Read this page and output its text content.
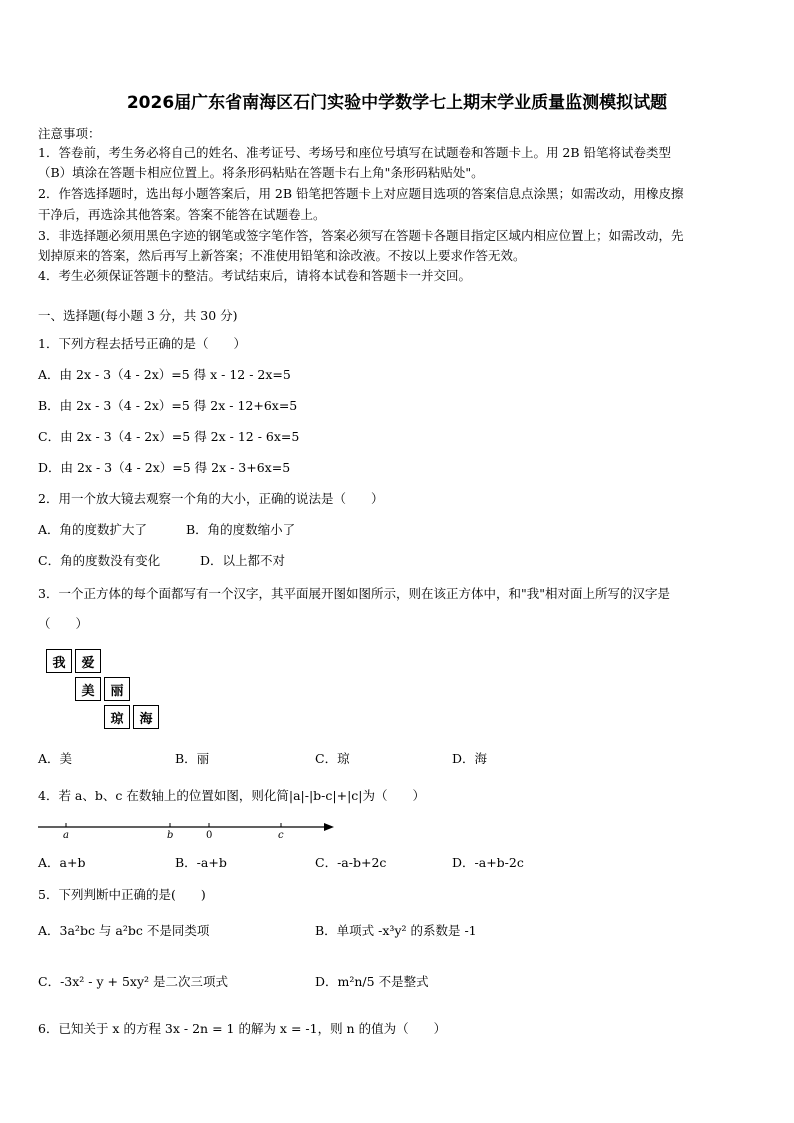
2026届广东省南海区石门实验中学数学七上期末学业质量监测模拟试题
注意事项：
1．答卷前，考生务必将自己的姓名、准考证号、考场号和座位号填写在试题卷和答题卡上。用 2B 铅笔将试卷类型
（B）填涂在答题卡相应位置上。将条形码粘贴在答题卡右上角"条形码粘贴处"。
2．作答选择题时，选出每小题答案后，用 2B 铅笔把答题卡上对应题目选项的答案信息点涂黑；如需改动，用橡皮擦
干净后，再选涂其他答案。答案不能答在试题卷上。
3．非选择题必须用黑色字迹的钢笔或签字笔作答，答案必须写在答题卡各题目指定区域内相应位置上；如需改动，先
划掉原来的答案，然后再写上新答案；不准使用铅笔和涂改液。不按以上要求作答无效。
4．考生必须保证答题卡的整洁。考试结束后，请将本试卷和答题卡一并交回。
一、选择题(每小题 3 分，共 30 分)
1．下列方程去括号正确的是（　　）
A．由 2x - 3（4 - 2x）=5 得 x - 12 - 2x=5
B．由 2x - 3（4 - 2x）=5 得 2x - 12+6x=5
C．由 2x - 3（4 - 2x）=5 得 2x - 12 - 6x=5
D．由 2x - 3（4 - 2x）=5 得 2x - 3+6x=5
2．用一个放大镜去观察一个角的大小，正确的说法是（　　）
A．角的度数扩大了	B．角的度数缩小了
C．角的度数没有变化	D．以上都不对
3．一个正方体的每个面都写有一个汉字，其平面展开图如图所示，则在该正方体中，和"我"相对面上所写的汉字是
（　　）
我	爱
美	丽
琼	海
A．美	B．丽	C．琼	D．海
4．若 a、b、c 在数轴上的位置如图，则化简|a|-|b-c|+|c|为（　　）
a	b	0	c
A．a+b	B．-a+b	C．-a-b+2c	D．-a+b-2c
5．下列判断中正确的是(　　)
A．3a²bc 与 a²bc 不是同类项	B．单项式 -x³y² 的系数是 -1
C．-3x² - y + 5xy² 是二次三项式	D．m²n/5 不是整式
6．已知关于 x 的方程 3x - 2n = 1 的解为 x = -1，则 n 的值为（　　）
